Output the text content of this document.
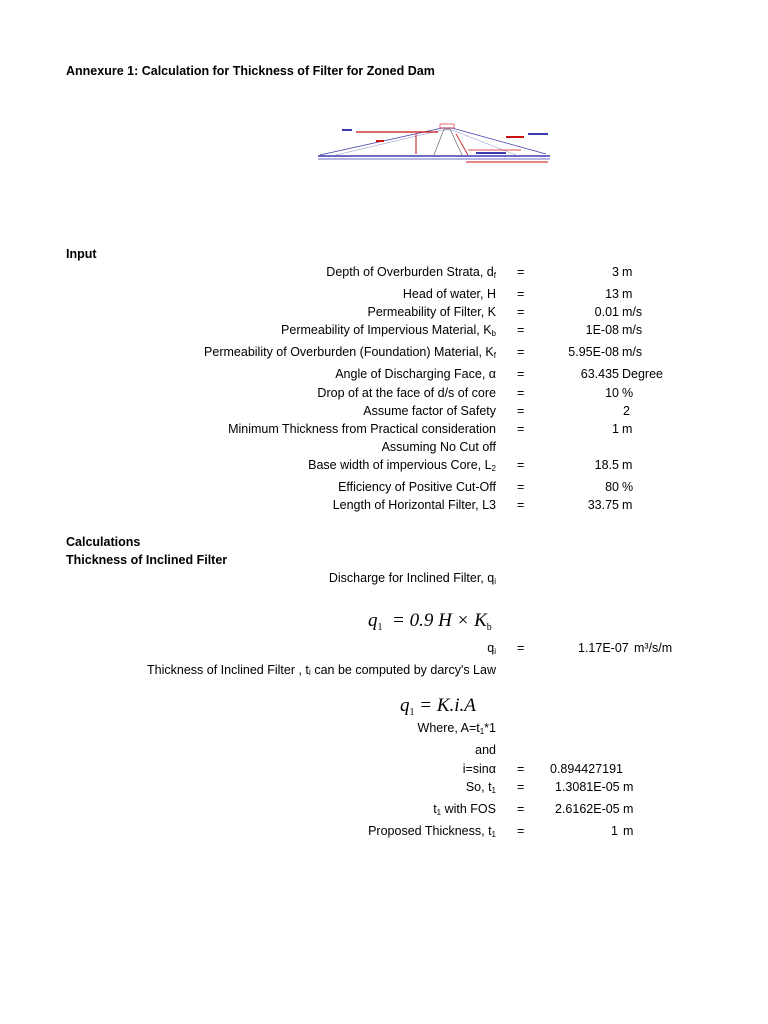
Annexure 1: Calculation for Thickness of Filter for Zoned Dam
Input
Depth of Overburden Strata, $d_f$ =	3 m
Head of water, H =	13 m
Permeability of Filter, K =	0.01 m/s
Permeability of Impervious Material, $K_b$ =	1E-08 m/s
Permeability of Overburden (Foundation) Material, $K_f$ =	5.95E-08 m/s
Angle of Discharging Face, α =	63.435 Degree
Drop of at the face of d/s of core =	10 %
Assume factor of Safety =	2
Minimum Thickness from Practical consideration =	1 m
Assuming No Cut off
Base width of impervious Core, $L_2$ =	18.5 m
Efficiency of Positive Cut-Off =	80 %
Length of Horizontal Filter, L3 =	33.75 m
Calculations
Thickness of Inclined Filter
Discharge for Inclined Filter, $q_i$
$q_1 = 0.9$ $H \times K_b$
$q_i$ =	1.17E-07 m³/s/m
Thickness of Inclined Filter , tᵢ can be computed by darcy's Law
$q_1 = K.i.A$
Where, $A=t_1*1$
and
i=sinα = 0.894427191
So, $t_1 = 1.3081E-05$ m
$t_1$ with FOS = 2.6162E-05 m
Proposed Thickness, $t_1$ =	1 m
